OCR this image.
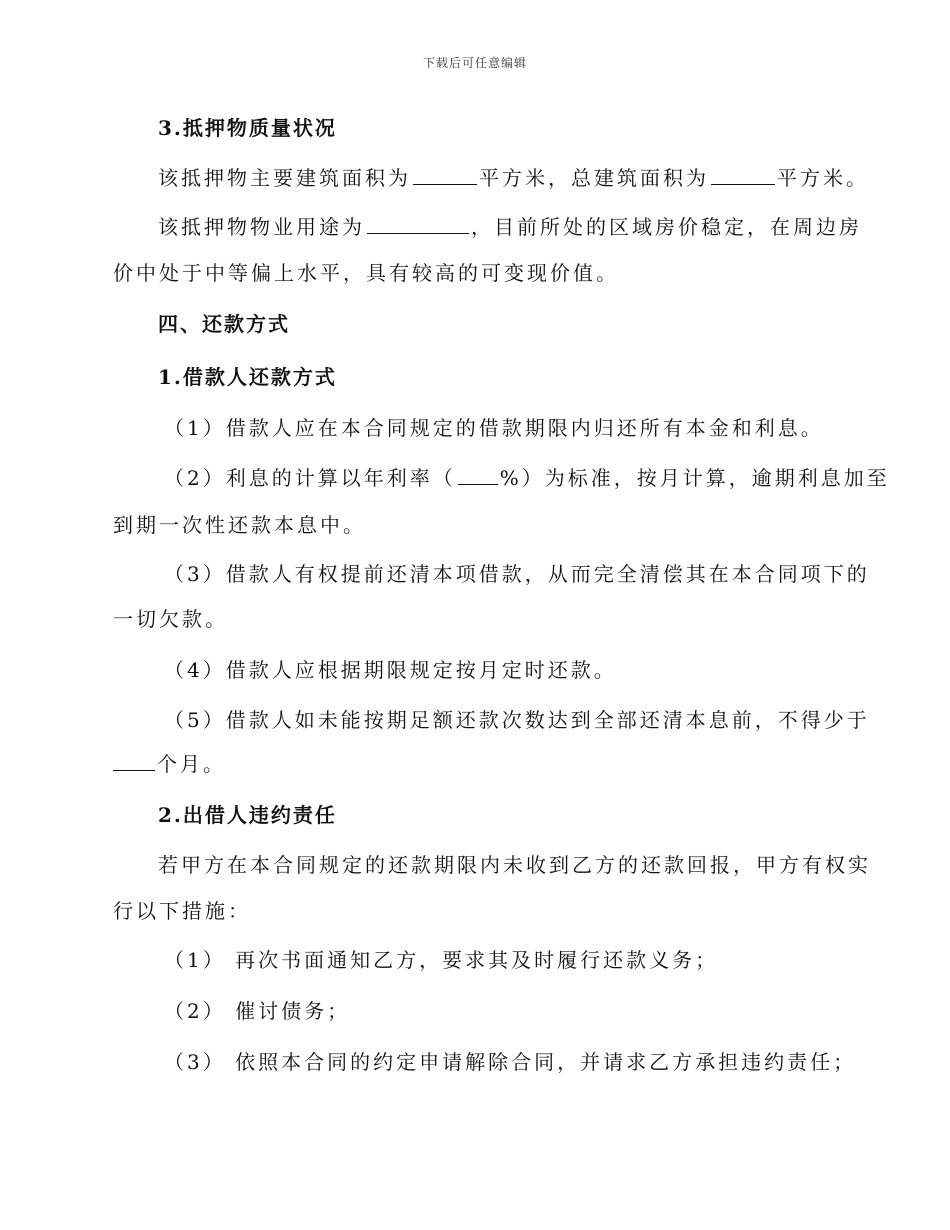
下载后可任意编辑
3.抵押物质量状况
该抵押物主要建筑面积为	平方米，总建筑面积为	平方米。
该抵押物物业用途为	，目前所处的区域房价稳定，在周边房
价中处于中等偏上水平，具有较高的可变现价值。
四、还款方式
1.借款人还款方式
（1）借款人应在本合同规定的借款期限内归还所有本金和利息。
（2）利息的计算以年利率（ %）为标准，按月计算，逾期利息加至
到期一次性还款本息中。
（3）借款人有权提前还清本项借款，从而完全清偿其在本合同项下的
一切欠款。
（4）借款人应根据期限规定按月定时还款。
（5）借款人如未能按期足额还款次数达到全部还清本息前，不得少于
个月。
2.出借人违约责任
若甲方在本合同规定的还款期限内未收到乙方的还款回报，甲方有权实
行以下措施：
（1） 再次书面通知乙方，要求其及时履行还款义务；
（2） 催讨债务；
（3） 依照本合同的约定申请解除合同，并请求乙方承担违约责任；
